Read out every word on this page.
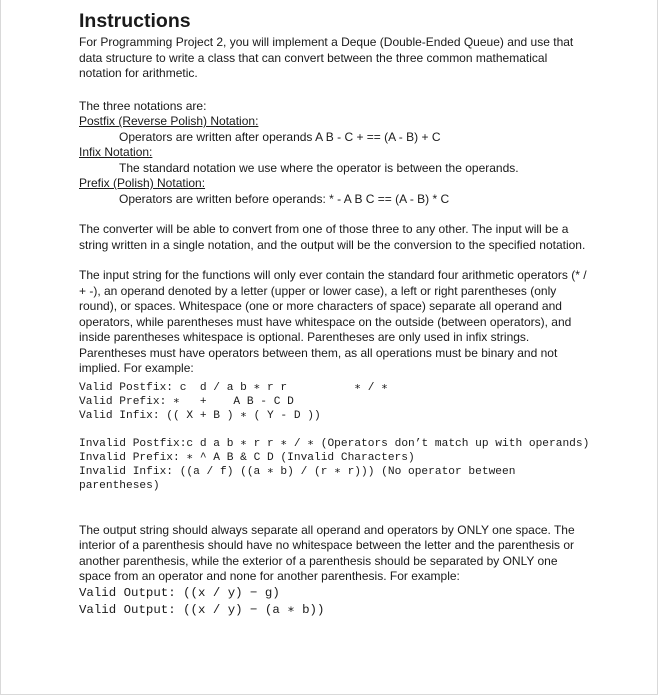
Instructions

For Programming Project 2, you will implement a Deque (Double-Ended Queue) and use that data structure to write a class that can convert between the three common mathematical notation for arithmetic.

The three notations are:

Postfix (Reverse Polish) Notation:

Operators are written after operands A B - C + == (A - B) + C

Infix Notation:

The standard notation we use where the operator is between the operands.

Prefix (Polish) Notation:

Operators are written before operands: * - A B C == (A - B) * C

The converter will be able to convert from one of those three to any other. The input will be a string written in a single notation, and the output will be the conversion to the specified notation.

The input string for the functions will only ever contain the standard four arithmetic operators (* / + -), an operand denoted by a letter (upper or lower case), a left or right parentheses (only round), or spaces. Whitespace (one or more characters of space) separate all operand and operators, while parentheses must have whitespace on the outside (between operators), and inside parentheses whitespace is optional. Parentheses are only used in infix strings. Parentheses must have operators between them, as all operations must be binary and not implied. For example:

Valid Postfix: c  d / a b ∗ r r          ∗ / ∗

Valid Prefix: ∗   +    A B - C D

Valid Infix: (( X + B ) ∗ ( Y - D ))

Invalid Postfix:c d a b ∗ r r ∗ / ∗ (Operators don’t match up with operands)

Invalid Prefix: ∗ ^ A B & C D (Invalid Characters)

Invalid Infix: ((a / f) ((a ∗ b) / (r ∗ r))) (No operator between parentheses)

The output string should always separate all operand and operators by ONLY one space. The interior of a parenthesis should have no whitespace between the letter and the parenthesis or another parenthesis, while the exterior of a parenthesis should be separated by ONLY one space from an operator and none for another parenthesis. For example:

Valid Output: ((x / y) − g)

Valid Output: ((x / y) − (a ∗ b))
